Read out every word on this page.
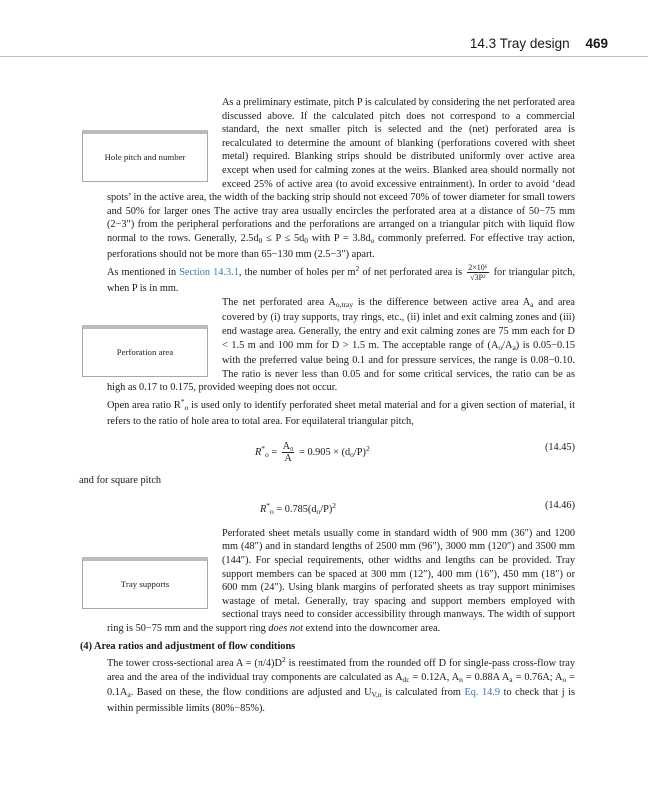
14.3 Tray design 469
Hole pitch and number

As a preliminary estimate, pitch P is calculated by considering the net perforated area discussed above. If the calculated pitch does not correspond to a commercial standard, the next smaller pitch is selected and the (net) perforated area is recalculated to determine the amount of blanking (perforations covered with sheet metal) required. Blanking strips should be distributed uniformly over active area except when used for calming zones at the weirs. Blanked area should normally not exceed 25% of active area (to avoid excessive entrainment). In order to avoid ‘dead spots’ in the active area, the width of the backing strip should not exceed 70% of tower diameter for small towers and 50% for larger ones The active tray area usually encircles the perforated area at a distance of 50−75 mm (2−3″) from the peripheral perforations and the perforations are arranged on a triangular pitch with liquid flow normal to the rows. Generally, $2.5d_0 \le P \le 5d_0$ with $P = 3.8d_o$ commonly preferred. For effective tray action, perforations should not be more than 65−130 mm (2.5−3″) apart.

As mentioned in Section 14.3.1, the number of holes per $m^2$ of net perforated area is $\frac{\text{2×10⁶}}{\text{√3P²}}$ for triangular pitch, when P is in mm.

Perforation area

The net perforated area $A_{o,tray}$ is the difference between active area $A_a$ and area covered by (i) tray supports, tray rings, etc., (ii) inlet and exit calming zones and (iii) end wastage area. Generally, the entry and exit calming zones are 75 mm each for D < 1.5 m and 100 mm for D > 1.5 m. The acceptable range of $(A_o/A_a)$ is 0.05−0.15 with the preferred value being 0.1 and for pressure services, the range is 0.08−0.10. The ratio is never less than 0.05 and for some critical services, the ratio can be as high as 0.17 to 0.175, provided weeping does not occur.

Open area ratio $R^*_o$ is used only to identify perforated sheet metal material and for a given section of material, it refers to the ratio of hole area to total area. For equilateral triangular pitch,

$R^*_o = \frac{\text{A₀}}{A} = 0.905 \times (d_o/P)^2$	(14.45)

and for square pitch

$R^*_o = 0.785(d_o/P)^2$	(14.46)
Tray supports

Perforated sheet metals usually come in standard width of 900 mm (36″) and 1200 mm (48″) and in standard lengths of 2500 mm (96″), 3000 mm (120″) and 3500 mm (144″). For special requirements, other widths and lengths can be provided. Tray support members can be spaced at 300 mm (12″), 400 mm (16″), 450 mm (18″) or 600 mm (24″). Using blank margins of perforated sheets as tray support minimises wastage of metal. Generally, tray spacing and support members employed with sectional trays need to consider accessibility through manways. The width of support ring is 50−75 mm and the support ring does not extend into the downcomer area.

(4) Area ratios and adjustment of flow conditions

The tower cross-sectional area $A = (\pi/4)D^2$ is reestimated from the rounded off D for single-pass cross-flow tray area and the area of the individual tray components are calculated as $A_{dc} = 0.12A$, $A_n = 0.88A$ $A_a = 0.76A$; $A_o = 0.1A_a$. Based on these, the flow conditions are adjusted and $U_{V,n}$ is calculated from Eq. 14.9 to check that j is within permissible limits (80%−85%).
